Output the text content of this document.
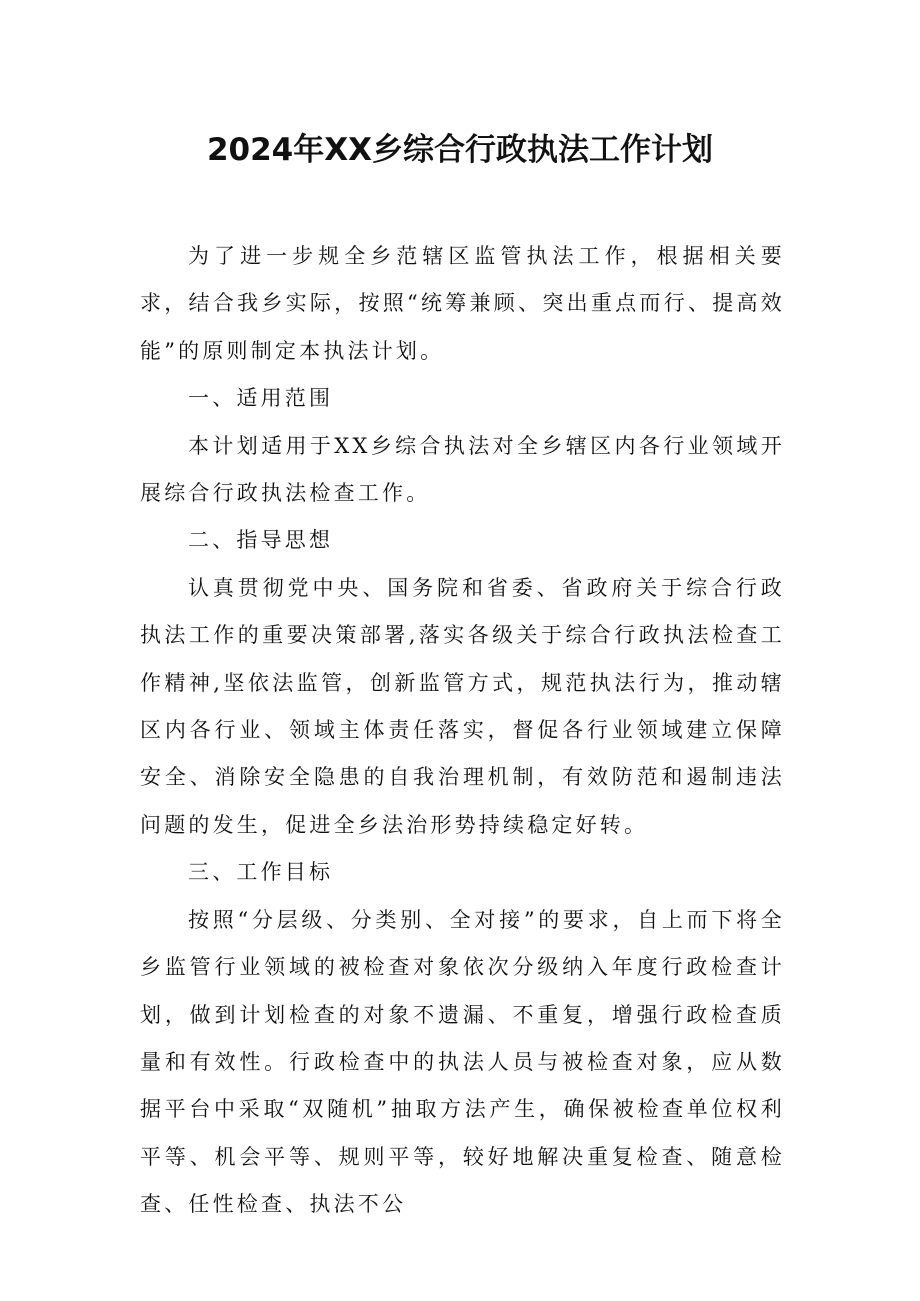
2024年XX乡综合行政执法工作计划

为了进一步规全乡范辖区监管执法工作，根据相关要求，结合我乡实际，按照“统筹兼顾、突出重点而行、提高效能”的原则制定本执法计划。

一、适用范围

本计划适用于XX乡综合执法对全乡辖区内各行业领域开展综合行政执法检查工作。

二、指导思想

认真贯彻党中央、国务院和省委、省政府关于综合行政执法工作的重要决策部署,落实各级关于综合行政执法检查工作精神,坚依法监管，创新监管方式，规范执法行为，推动辖区内各行业、领域主体责任落实，督促各行业领域建立保障安全、消除安全隐患的自我治理机制，有效防范和遏制违法问题的发生，促进全乡法治形势持续稳定好转。

三、工作目标

按照“分层级、分类别、全对接”的要求，自上而下将全乡监管行业领域的被检查对象依次分级纳入年度行政检查计划，做到计划检查的对象不遗漏、不重复，增强行政检查质量和有效性。行政检查中的执法人员与被检查对象，应从数据平台中采取“双随机”抽取方法产生，确保被检查单位权利平等、机会平等、规则平等，较好地解决重复检查、随意检查、任性检查、执法不公
